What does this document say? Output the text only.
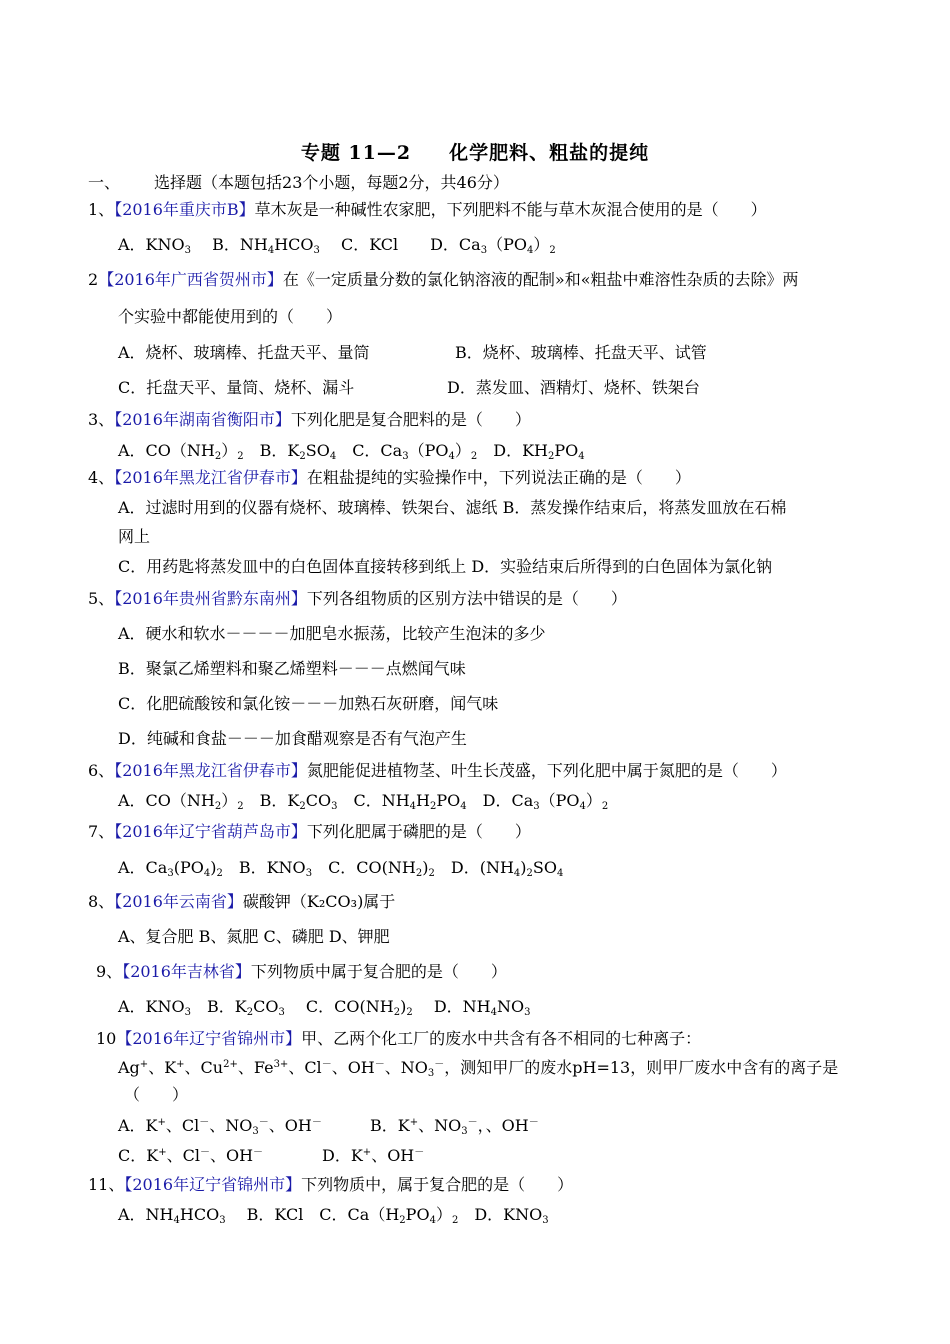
专题 11—2     化学肥料、粗盐的提纯
一、 选择题（本题包括23个小题，每题2分，共46分）
1、【2016年重庆市B】草木灰是一种碱性农家肥，下列肥料不能与草木灰混合使用的是（　　）
A．$KNO_3$　 B．$NH_4HCO_3$　 C．KCl　　D．$Ca_3(PO_4)_2$
2【2016年广西省贺州市】在《一定质量分数的氯化钠溶液的配制»和«粗盐中难溶性杂质的去除》两
个实验中都能使用到的（　　）
A．烧杯、玻璃棒、托盘天平、量筒	B．烧杯、玻璃棒、托盘天平、试管
C．托盘天平、量筒、烧杯、漏斗	D．蒸发皿、酒精灯、烧杯、铁架台
3、【2016年湖南省衡阳市】下列化肥是复合肥料的是（　　）
A．$CO(NH_2)_2$　B．$K_2SO_4$　C．$Ca_3(PO_4)_2$　D．$KH_2PO_4$
4、【2016年黑龙江省伊春市】在粗盐提纯的实验操作中，下列说法正确的是（　　）
A．过滤时用到的仪器有烧杯、玻璃棒、铁架台、滤纸 B．蒸发操作结束后，将蒸发皿放在石棉
网上
C．用药匙将蒸发皿中的白色固体直接转移到纸上 D．实验结束后所得到的白色固体为氯化钠
5、【2016年贵州省黔东南州】下列各组物质的区别方法中错误的是（　　）
A．硬水和软水－－－－加肥皂水振荡，比较产生泡沫的多少
B．聚氯乙烯塑料和聚乙烯塑料－－－点燃闻气味
C．化肥硫酸铵和氯化铵－－－加熟石灰研磨，闻气味
D．纯碱和食盐－－－加食醋观察是否有气泡产生
6、【2016年黑龙江省伊春市】氮肥能促进植物茎、叶生长茂盛，下列化肥中属于氮肥的是（　　）
A．$CO(NH_2)_2$　B．$K_2CO_3$　C．$NH_4H_2PO_4$　D．$Ca_3(PO_4)_2$
7、【2016年辽宁省葫芦岛市】下列化肥属于磷肥的是（　　）
A．$Ca_3(PO_4)_2$　B．$KNO_3$　C．$CO(NH_2)_2$　D．$(NH_4)_2SO_4$
8、【2016年云南省】碳酸钾（K₂CO₃)属于
A、复合肥 B、氮肥 C、磷肥 D、钾肥
9、【2016年吉林省】下列物质中属于复合肥的是（　　）
A．$KNO_3$　B．$K_2CO_3$　 C．$CO(NH_2)_2$　 D．$NH_4NO_3$
10【2016年辽宁省锦州市】甲、乙两个化工厂的废水中共含有各不相同的七种离子：
Ag+、K+、$Cu^{2+}$、$Fe^{3+}$、Cl－、OH－、$NO_3^-$，测知甲厂的废水pH=13，则甲厂废水中含有的离子是
（　　）
A．K+、Cl－、$NO_3^-$、OH－	B．K+、$NO_3^-$，、OH－
C．K+、Cl－、OH－	D．K+、OH－
11、【2016年辽宁省锦州市】下列物质中，属于复合肥的是（　　）
A．$NH_4HCO_3$　 B．KCl　C．$Ca(H_2PO_4)_2$　D．$KNO_3$
